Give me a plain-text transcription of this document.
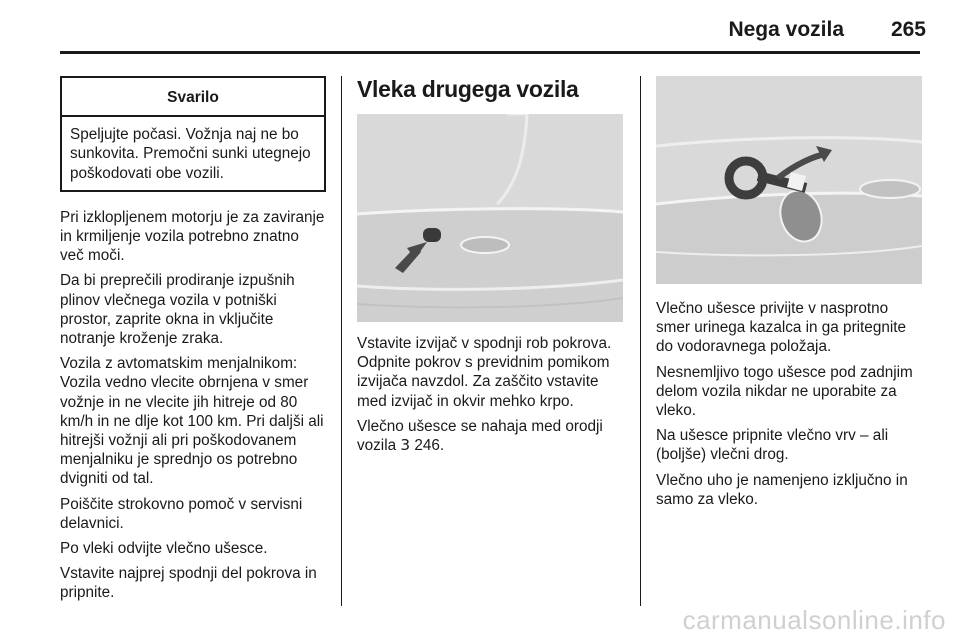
Nega vozila 265
Svarilo
Speljujte počasi. Vožnja naj ne bo sunkovita. Premočni sunki utegnejo poškodovati obe vozili.

Pri izklopljenem motorju je za zaviranje in krmiljenje vozila potrebno znatno več moči.

Da bi preprečili prodiranje izpušnih plinov vlečnega vozila v potniški prostor, zaprite okna in vključite notranje kroženje zraka.

Vozila z avtomatskim menjalnikom: Vozila vedno vlecite obrnjena v smer vožnje in ne vlecite jih hitreje od 80 km/h in ne dlje kot 100 km. Pri daljši ali hitrejši vožnji ali pri poškodovanem menjalniku je sprednjo os potrebno dvigniti od tal.

Poiščite strokovno pomoč v servisni delavnici.

Po vleki odvijte vlečno ušesce.

Vstavite najprej spodnji del pokrova in pripnite.

Vleka drugega vozila

Vstavite izvijač v spodnji rob pokrova. Odpnite pokrov s previdnim pomikom izvijača navzdol. Za zaščito vstavite med izvijač in okvir mehko krpo.

Vlečno ušesce se nahaja med orodji vozila 3 246.

Vlečno ušesce privijte v nasprotno smer urinega kazalca in ga pritegnite do vodoravnega položaja.

Nesnemljivo togo ušesce pod zadnjim delom vozila nikdar ne uporabite za vleko.

Na ušesce pripnite vlečno vrv – ali (boljše) vlečni drog.

Vlečno uho je namenjeno izključno in samo za vleko.

carmanualsonline.info
